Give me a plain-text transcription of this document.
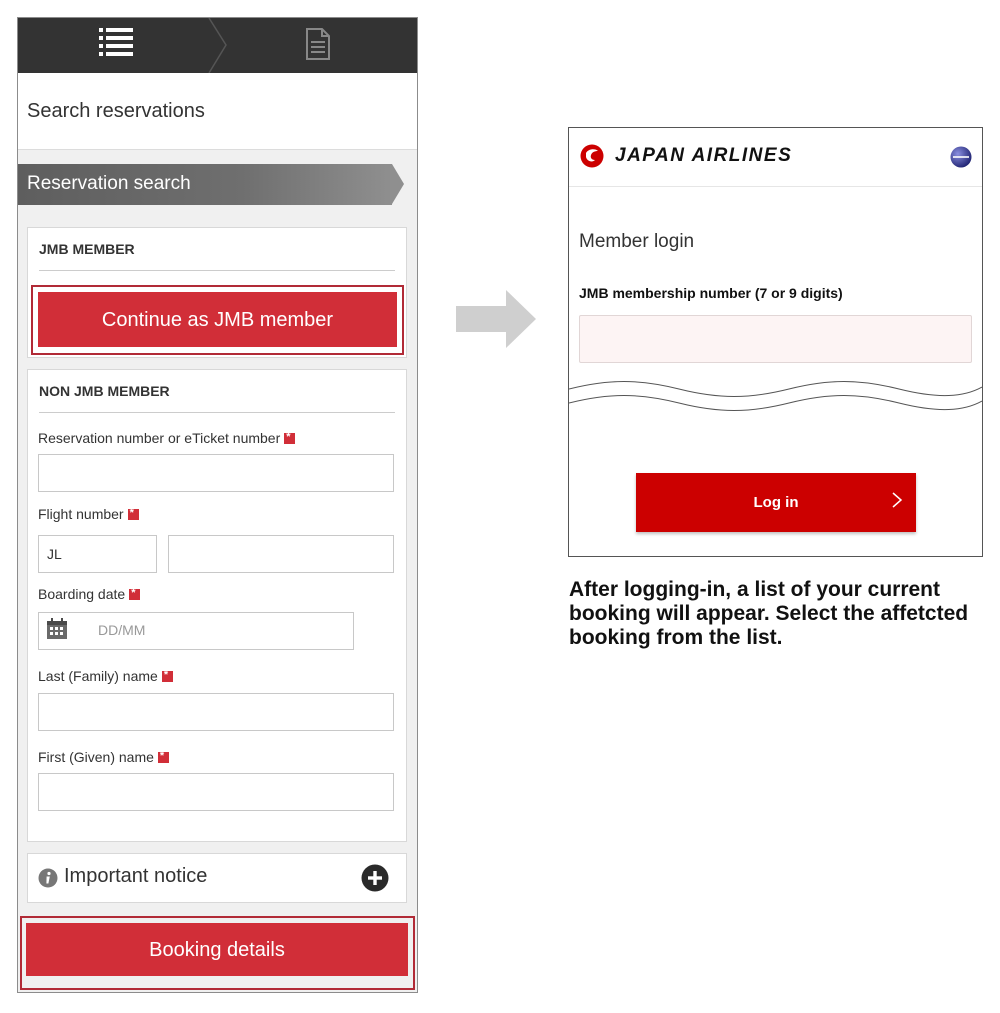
Search reservations
Reservation search
JMB MEMBER
Continue as JMB member
NON JMB MEMBER
Reservation number or eTicket number*
Flight number*
JL
Boarding date*
DD/MM
Last (Family) name*
First (Given) name*
Important notice
Booking details
JAPAN AIRLINES
Member login
JMB membership number (7 or 9 digits)
Log in

After logging-in, a list of your current booking will appear. Select the affetcted booking from the list.
